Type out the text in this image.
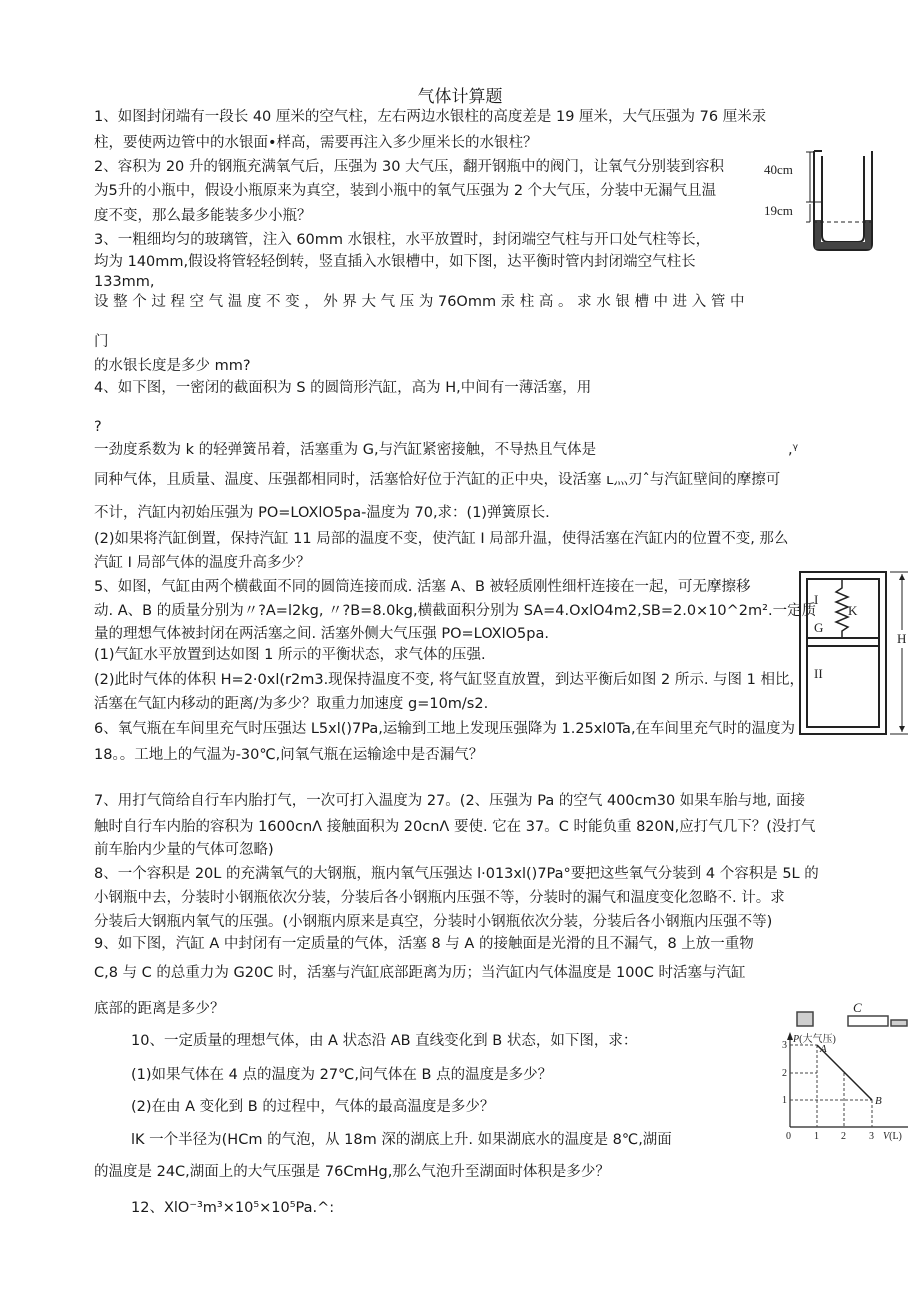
气体计算题
1、如图封闭端有一段长 40 厘米的空气柱，左右两边水银柱的高度差是 19 厘米，大气压强为 76 厘米汞
柱，要使两边管中的水银面•样高，需要再注入多少厘米长的水银柱？
2、容积为 20 升的钢瓶充满氧气后，压强为 30 大气压，翻开钢瓶中的阀门，让氧气分别装到容积
为5升的小瓶中，假设小瓶原来为真空，装到小瓶中的氧气压强为 2 个大气压，分装中无漏气且温
度不变，那么最多能装多少小瓶？
3、一粗细均匀的玻璃管，注入 60mm 水银柱，水平放置时，封闭端空气柱与开口处气柱等长，
均为 140mm,假设将管轻轻倒转，竖直插入水银槽中，如下图，达平衡时管内封闭端空气柱长
133mm,
设 整 个 过 程 空 气 温 度 不 变 ， 外 界 大 气 压 为 76Omm 汞 柱 高 。 求 水 银 槽 中 进 入 管 中
门
的水银长度是多少 mm?
4、如下图，一密闭的截面积为 S 的圆筒形汽缸，高为 H,中间有一薄活塞，用
?
一劲度系数为 k 的轻弹簧吊着，活塞重为 G,与汽缸紧密接触，不导热且气体是	,ᵞ
同种气体，且质量、温度、压强都相同时，活塞恰好位于汽缸的正中央，设活塞 ʟ灬刃ˆ与汽缸壁间的摩擦可
不计，汽缸内初始压强为 PO=LOXlO5pa-温度为 70,求：(1)弹簧原长.
(2)如果将汽缸倒置，保持汽缸 11 局部的温度不变，使汽缸 I 局部升温，使得活塞在汽缸内的位置不变, 那么
汽缸 I 局部气体的温度升高多少？
5、如图，气缸由两个横截面不同的圆筒连接而成. 活塞 A、B 被轻质刚性细杆连接在一起，可无摩擦移
动. A、B 的质量分别为〃?A=l2kg, 〃?B=8.0kg,横截面积分别为 SA=4.OxlO4m2,SB=2.0×10^2m².一定质
量的理想气体被封闭在两活塞之间. 活塞外侧大气压强 PO=LOXlO5pa.
(1)气缸水平放置到达如图 1 所示的平衡状态，求气体的压强.
(2)此时气体的体积 H=2·0xl(r2m3.现保持温度不变, 将气缸竖直放置，到达平衡后如图 2 所示. 与图 1 相比，
活塞在气缸内移动的距离/为多少？取重力加速度 g=10m∕s2.
6、氧气瓶在车间里充气时压强达 L5xl()7Pa,运输到工地上发现压强降为 1.25xl0Ta,在车间里充气时的温度为
18。。工地上的气温为-30℃,问氧气瓶在运输途中是否漏气？
7、用打气筒给自行车内胎打气，一次可打入温度为 27。(2、压强为 Pa 的空气 400cm30 如果车胎与地, 面接
触时自行车内胎的容积为 1600cnΛ 接触面积为 20cnΛ 要使. 它在 37。C 时能负重 820N,应打气几下？(没打气
前车胎内少量的气体可忽略)
8、一个容积是 20L 的充满氧气的大钢瓶，瓶内氧气压强达 l·013xl()7Pa°要把这些氧气分装到 4 个容积是 5L 的
小钢瓶中去，分装时小钢瓶依次分装，分装后各小钢瓶内压强不等，分装时的漏气和温度变化忽略不. 计。求
分装后大钢瓶内氧气的压强。(小钢瓶内原来是真空，分装时小钢瓶依次分装，分装后各小钢瓶内压强不等)
9、如下图，汽缸 A 中封闭有一定质量的气体，活塞 8 与 A 的接触面是光滑的且不漏气，8 上放一重物
C,8 与 C 的总重力为 G20C 时，活塞与汽缸底部距离为历；当汽缸内气体温度是 100C 时活塞与汽缸
底部的距离是多少？
10、一定质量的理想气体，由 A 状态沿 AB 直线变化到 B 状态，如下图，求：
(1)如果气体在 4 点的温度为 27℃,问气体在 B 点的温度是多少？
(2)在由 A 变化到 B 的过程中，气体的最高温度是多少？
lK 一个半径为(HCm 的气泡，从 18m 深的湖底上升. 如果湖底水的温度是 8℃,湖面
的温度是 24C,湖面上的大气压强是 76CmHg,那么气泡升至湖面时体积是多少？
12、XlO⁻³m³×10⁵×10⁵Pa.^:
40cm
19cm
I
K
G
II
H
C
P(大气压)
A
B
3
2
1
0 1 2 3 V(L)
